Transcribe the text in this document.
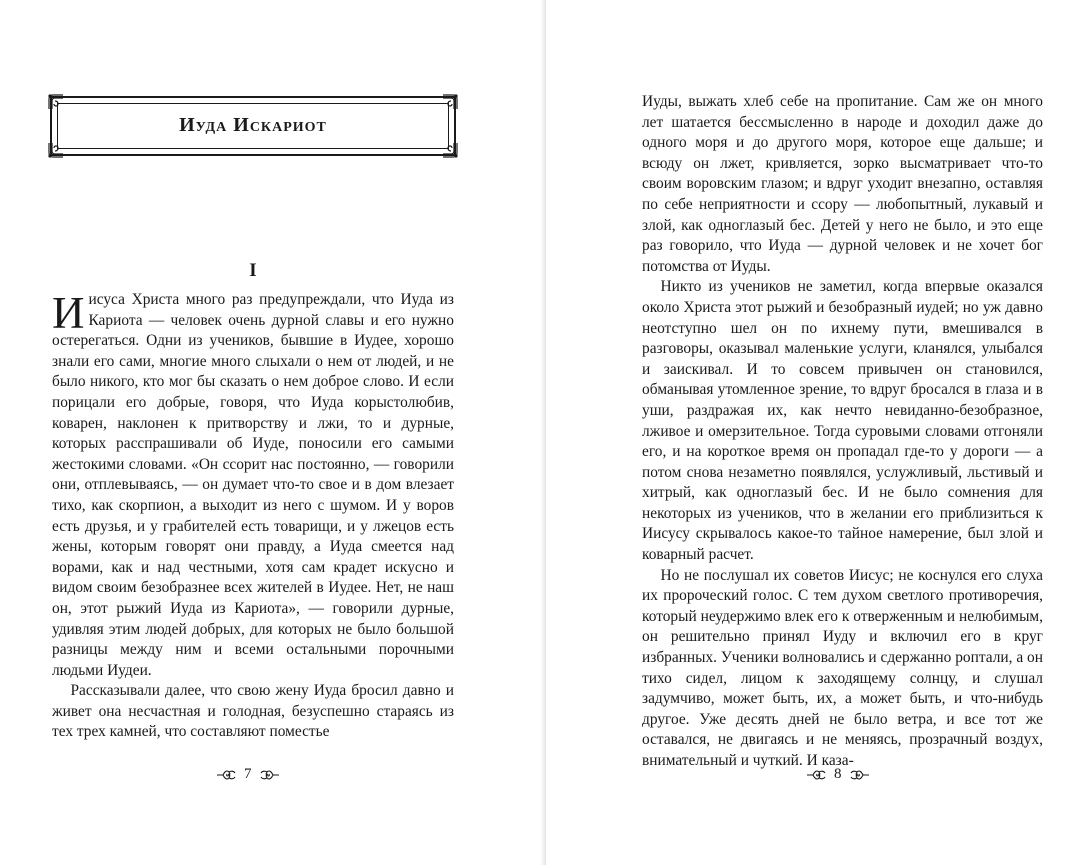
Иуда Искариот
I

Иисуса Христа много раз предупреждали, что Иуда из Кариота — человек очень дурной славы и его нужно остерегаться. Одни из учеников, бывшие в Иудее, хорошо знали его сами, многие много слыхали о нем от людей, и не было никого, кто мог бы сказать о нем доброе слово. И если порицали его добрые, говоря, что Иуда корыстолюбив, коварен, наклонен к притворству и лжи, то и дурные, которых расспрашивали об Иуде, поносили его самыми жестокими словами. «Он ссорит нас постоянно, — говорили они, отплевываясь, — он думает что-то свое и в дом влезает тихо, как скорпион, а выходит из него с шумом. И у воров есть друзья, и у грабителей есть товарищи, и у лжецов есть жены, которым говорят они правду, а Иуда смеется над ворами, как и над честными, хотя сам крадет искусно и видом своим безобразнее всех жителей в Иудее. Нет, не наш он, этот рыжий Иуда из Кариота», — говорили дурные, удивляя этим людей добрых, для которых не было большой разницы между ним и всеми остальными порочными людьми Иудеи.

Рассказывали далее, что свою жену Иуда бросил давно и живет она несчастная и голодная, безуспешно стараясь из тех трех камней, что составляют поместье

7

Иуды, выжать хлеб себе на пропитание. Сам же он много лет шатается бессмысленно в народе и доходил даже до одного моря и до другого моря, которое еще дальше; и всюду он лжет, кривляется, зорко высматривает что-то своим воровским глазом; и вдруг уходит внезапно, оставляя по себе неприятности и ссору — любопытный, лукавый и злой, как одноглазый бес. Детей у него не было, и это еще раз говорило, что Иуда — дурной человек и не хочет бог потомства от Иуды.

Никто из учеников не заметил, когда впервые оказался около Христа этот рыжий и безобразный иудей; но уж давно неотступно шел он по ихнему пути, вмешивался в разговоры, оказывал маленькие услуги, кланялся, улыбался и заискивал. И то совсем привычен он становился, обманывая утомленное зрение, то вдруг бросался в глаза и в уши, раздражая их, как нечто невиданно-безобразное, лживое и омерзительное. Тогда суровыми словами отгоняли его, и на короткое время он пропадал где-то у дороги — а потом снова незаметно появлялся, услужливый, льстивый и хитрый, как одноглазый бес. И не было сомнения для некоторых из учеников, что в желании его приблизиться к Иисусу скрывалось какое-то тайное намерение, был злой и коварный расчет.

Но не послушал их советов Иисус; не коснулся его слуха их пророческий голос. С тем духом светлого противоречия, который неудержимо влек его к отверженным и нелюбимым, он решительно принял Иуду и включил его в круг избранных. Ученики волновались и сдержанно роптали, а он тихо сидел, лицом к заходящему солнцу, и слушал задумчиво, может быть, их, а может быть, и что-нибудь другое. Уже десять дней не было ветра, и все тот же оставался, не двигаясь и не меняясь, прозрачный воздух, внимательный и чуткий. И каза-

8
